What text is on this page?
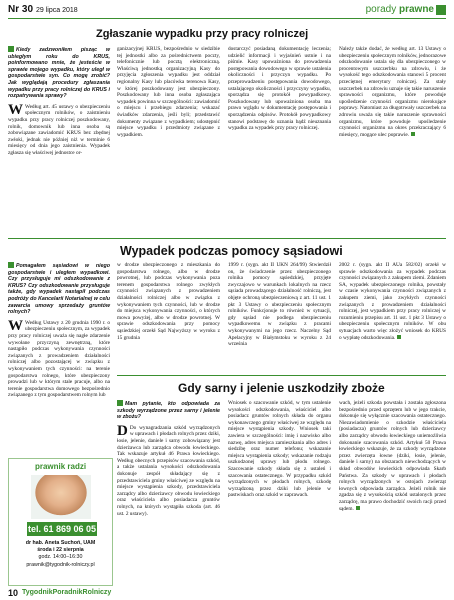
Nr 30 29 lipca 2018	porady prawne
Zgłaszanie wypadku przy pracy rolniczej

Kiedy zadzwoniłem pisząc w ubiegłym roku do KRUS, poinformowano mnie, że jesteście w sprawie mojego wypadku, który uległ w gospodarstwie syn. Co mogę zrobić? Jak wyglądają procedury zgłaszania wypadku przy pracy rolniczej do KRUS i rozpatrywania sprawy?

W Według art. 45 ustawy o ubezpieczeniu społecznym rolników, o zaistnieniu wypadku przy pracy rolniczej poszkodowany, rolnik, domownik lub inna osoba są zobowiązane zawiadomić KRUS bez zbędnej zwłoki, jednak nie później niż w terminie 6 miesięcy od dnia jego zaistnienia. Wypadek zgłasza się właściwej jednostce or-

ganizacyjnej KRUS, bezpośrednio w siedzibie tej jednostki albo za pośrednictwem poczty, telefonicznie lub pocztą elektroniczną. Właściwą jednostką organizacyjną Kasy do przyjęcia zgłoszenia wypadku jest oddział regionalny Kasy lub placówka terenowa Kasy, w której poszkodowany jest ubezpieczony. Poszkodowany lub inna osoba zgłaszająca wypadek powinna w szczególności: zawiadomić o miejscu i przebiegu zdarzenia; wskazać świadków zdarzenia, jeśli byli; przedstawić dokumenty związane z wypadkiem; udostępnić miejsce wypadku i przedmioty związane z wypadkiem.
dostarczyć posiadaną dokumentację leczenia; udzielić informacji i wyjaśnień ustnie i na piśmie. Kasy upoważniona do prowadzenia postępowania dowodowego w sprawie ustalenia okoliczności i przyczyn wypadku. Po przeprowadzeniu postępowania dowodowego, ustalającego okoliczności i przyczyny wypadku, sporządza się protokół powypadkowy. Poszkodowany lub upoważniona osoba ma prawo wglądu w dokumentację postępowania i sporządzenia odpisów. Protokół powypadkowy stanowi podstawę do uznania bądź nieuznania wypadku za wypadek przy pracy rolniczej.
Należy także dodać, że według art. 13 Ustawy o ubezpieczeniu społecznym rolników, jednorazowe odszkodowanie ustala się dla ubezpieczonego w procentowym uszczerbku na zdrowiu, i że wysokość tego odszkodowania stanowi 5 procent przeciętnej emerytury rolniczej. Za stały uszczerbek na zdrowiu uznaje się takie naruszenie sprawności organizmu, które powoduje upośledzenie czynności organizmu nierokujące poprawy. Natomiast za długotrwały uszczerbek na zdrowiu uważa się takie naruszenie sprawności organizmu, które powoduje upośledzenie czynności organizmu na okres przekraczający 6 miesięcy, mogące ulec poprawie.
Wypadek podczas pomocy sąsiadowi

Pomagałem sąsiadowi w niego gospodarstwie i uległem wypadkowi. Czy przysługuje mi odszkodowanie z KRUS? Czy odszkodowanie przysługuje także, gdy wypadek nastąpił podczas podróży do Kancelarii Notarialnej w celu zawarcia umowy sprzedaży gruntów rolnych?

W Według Ustawy z 20 grudnia 1990 r. o ubezpieczeniu społecznym, za wypadek przy pracy rolniczej uważa się nagłe zdarzenie wywołane przyczyną zewnętrzną, które nastąpiło podczas wykonywania czynności związanych z prowadzeniem działalności rolniczej albo pozostającej w związku z wykonywaniem tych czynności: na terenie gospodarstwa rolnego, które ubezpieczony prowadzi lub w którym stale pracuje, albo na terenie gospodarstwa domowego bezpośrednio związanego z tym gospodarstwem rolnym lub

w drodze ubezpieczonego z mieszkania do gospodarstwa rolnego, albo w drodze powrotnej, lub podczas wykonywania poza terenem gospodarstwa rolnego zwykłych czynności związanych z prowadzeniem działalności rolniczej albo w związku z wykonywaniem tych czynności, lub w drodze do miejsca wykonywania czynności, o których mowa powyżej, albo w drodze powrotnej. W sprawie odszkodowania przy pomocy sąsiedzkiej orzekł Sąd Najwyższy w wyroku z 15 grudnia
1999 r. (sygn. akt II UKN 264/99) Stwierdził on, że świadczenie przez ubezpieczonego rolnika pomocy sąsiedzkiej, przyjęte zwyczajowo w warunkach lokalnych na rzecz sąsiada prowadzącego działalność rolniczą, jest objęte ochroną ubezpieczeniową z art. 11 ust. 1 pkt 3 Ustawy o ubezpieczeniu społecznym rolników. Funkcjonuje to również w sytuacji, gdy sąsiad nie podlega ubezpieczeniu wypadkowemu w związku z pracami wykonywanymi na jego rzecz. Naczelny Sąd Apelacyjny w Białymstoku w wyroku z 24 września
2002 r. (sygn. akt II AUa 582/02) orzekł w sprawie odszkodowania za wypadek podczas czynności związanych z zakupem ziemi. Zdaniem SA, wypadek ubezpieczonego rolnika, powstały w czasie wykonywania czynności związanych z zakupem ziemi, jako zwykłych czynności związanych z prowadzeniem działalności rolniczej, jest wypadkiem przy pracy rolniczej w rozumieniu przepisu art. 11 ust. 1 pkt 3 Ustawy o ubezpieczeniu społecznym rolników. W obu sytuacjach warto więc złożyć wniosek do KRUS o wypłatę odszkodowania.
Gdy sarny i jelenie uszkodziły zboże

Mam pytanie, kto odpowiada za szkody wyrządzone przez sarny i jelenie w zbożu?

D Do wynagradzania szkód wyrządzonych w uprawach i płodach rolnych przez dziki, łosie, jelenie, daniele i sarny zobowiązany jest dzierżawca lub zarządca obwodu łowieckiego. Tak wskazuje artykuł 46 Prawa łowieckiego. Według obecnych przepisów szacowania szkód, a także ustalania wysokości odszkodowania dokonuje zespół składający się z przedstawiciela gminy właściwej ze względu na miejsce wystąpienia szkody, przedstawiciela zarządcy albo dzierżawcy obwodu łowieckiego oraz właściciela albo posiadacza gruntów rolnych, na których wystąpiła szkoda (art. 46 ust. 2 ustawy).

Wniosek o szacowanie szkód, w tym ustalenie wysokości odszkodowania, właściciel albo posiadacz gruntów rolnych składa do organu wykonawczego gminy właściwej ze względu na miejsce wystąpienia szkody. Wniosek taki zawiera w szczególności: imię i nazwisko albo nazwę, adres miejsca zamieszkania albo adres i siedzibę oraz numer telefonu; wskazanie miejsca wystąpienia szkody; wskazanie rodzaju uszkodzonej uprawy lub płodu rolnego. Szacowanie szkody składa się z ustaleń i szacowania ostatecznego. W przypadku szkód wyrządzonych w płodach rolnych, szkodę wyrządzoną przez dziki lub jelenie w pastwiskach oraz szkód w zaprawach.
wach, jeżeli szkoda powstała i została zgłoszona bezpośrednio przed sprzętem lub w jego trakcie, dokonuje się wyłącznie szacowania ostatecznego. Niezawiadomienie o szkodzie właściciela (posiadacza) gruntów rolnych lub dzierżawcy albo zarządcy obwodu łowieckiego uniemożliwia dokonanie szacowania szkód. Artykuł 50 Prawa łowieckiego wskazuje, że za szkody wyrządzone przez zwierzęta łowne (dziki, łosie, jelenie, daniele i sarny) na obszarach niewchodzących w skład obwodów łowieckich odpowiada Skarb Państwa. Za szkody w uprawach i płodach rolnych wyrządzonych w ostojach zwierząt łownych odpowiada zarządca. Jeżeli rolnik nie zgadza się z wysokością szkód ustalonych przez zarządcę, ma prawo dochodzić swoich racji przed sądem.
prawnik radzi
tel. 61 869 06 05
dr hab. Aneta Suchoń, UAM
środa i 22 sierpnia
godz. 14:00–16:30
prawnik@tygodnik-rolniczy.pl
10 TygodnikPoradnikRolniczy
